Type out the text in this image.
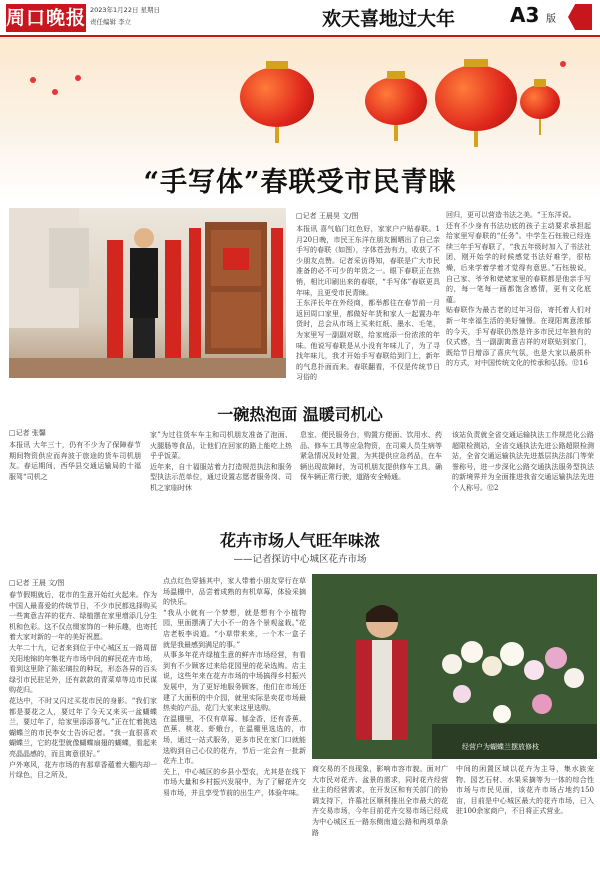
周口晚报 2023年1月22日 星期日
责任编辑 李立	欢天喜地过大年	A3 版
“手写体”春联受市民青睐
□记者 王晨昊 文/图
本报讯 喜气临门红色好，家家户户贴春联。1月20日晚，市民王东洋在朋友圈晒出了自己亲手写的春联（如图），字体苍劲有力，收获了不少朋友点赞。记者采访得知，春联是广大市民准备的必不可少的年货之一。眼下春联正在热销，相比印刷出来的春联，“手写体”春联更具年味，且更受市民青睐。
王东洋长年在外经商，都举都往在春节前一月返回周口家里，都做好年货和家人一起置办年货时，总会从市场上买来红纸、墨水、毛笔，为家里写一副副对联，给家庭添一份浓浓的年味。他说写春联是从小没有年味儿了，为了寻找年味儿，我才开始手写春联给到门上，新年的气息扑面而来。春联翻看，不仅是传统节日习俗的
回归，更可以营造书法之美。“王东洋说。
还有不少身有书法功底的孩子主动要求承担起给家里写春联的“任务”。中学生石钰骏已经连续三年手写春联了，“我五年级时加入了书法社团，刚开始学的时候感觉书法好难学，很枯燥，后来学着学着才觉得有意思。”石钰骏说，自己家、爷爷和姥姥家里的春联都是他亲手写的，每一笔每一画都饱含感情，更有文化底蕴。
贴春联作为最古老的过年习俗，寄托着人们对新一年幸福生活的美好憧憬。在现阳寓意浓郁的今天，手写春联仍然是许多市民过年独有的仪式感，当一副副寓意吉祥的对联贴到家门，既给节日增添了喜庆气氛，也是大家以最质朴的方式，对中国传统文化的传承和弘扬。⑫16
一碗热泡面 温暖司机心
□记者 张馨
本报讯 大年三十，仍有不少为了保障春节期间物资供应而奔波于旅途的货车司机朋友。春运期间，西华县交通运输局的十福服驾“司机之
家”为过往货车车主和司机朋友准备了泡面、火腿肠等食品，让他们在回家的路上能吃上热乎乎饭菜。
近年来，自十福服站着力打造规范执法和服务型执法示范单位，通过设置志愿者服务岗、司机之家临时休
息室、便民服务台，购置方便面、饮用水、药品、修车工具等应急物资，在司乘人员生病等紧急情况及时处置，为其提供应急药品，在车辆出现故障时，为司机朋友提供修车工具，确保车辆正常行驶，道路安全畅通。
该站负责就全省交通运输执法工作规范化公路超限检测站，全省交通执法先进公路超限检测站，全省交通运输执法先进基层执法部门等荣誉称号，进一步深化公路交通执法服务型执法的新境界并为全面推进我省交通运输执法先进个人称号。⑫2
花卉市场人气旺年味浓
——记者探访中心城区花卉市场
□记者 王晨 文/图
春节假期就后，花市的生意开始红火起来。作为中国人最喜爱的传统节日，不少市民都选择购买一些寓意吉祥的花卉、绿植摆在家里增添几分生机和色彩。这不仅点缀家饰的一种乐趣，也寄托着大家对新的一年的美好祝愿。
大年二十九，记者来到位于中心城区五一路周留关阳地锦的年集花卉市场中间的鲜民花卉市场，看到这里除了陈宏璃拉的种玩，形态各异的百头绿引市民驻足外，还有款款的青菜草等边市民谋购花归。
花达中，不时又闪过买花市民的身影。“我们家都是要花之人，要过年了今天又来买一盆蝴蝶兰，要过年了，给家里添添喜气。”正在忙着挑选蝴蝶兰的市民李女士告诉记者。“我一直很喜欢蝴蝶兰，它的花型就像蝴蝶扇翅的蝴蝶，看起来亮晶晶感的，而且寓意很好。”
户外寒风，花卉市场的有那草香蕴着大棚内却一片绿色，目之所及，
点点红色穿插其中，家人带着小朋友穿行在草场温棚中，品尝着成熟的有机草莓，体验采摘的快乐。
“我从小就有一个梦想，就是想有个小植物园，里面摆满了大小不一的各个景观盆栽。”花店老板李说道。“小草带来来，一个木一盒子就是我最感到满足的事。”
从事多年花卉绿植生意的鲜卉市场经营，有看到有不少顾客过来给花园里的花朵选购。店主说，这些年来在花卉市场的中场搞得乡村振兴发展中，为了更好地服务顾客，他们在市场还建了大面积的中介园，就里实际是卖花市场最热卖的产品，花门大家来这里选购。
在温棚里，不仅有草莓、郁金香，还有香蕉、芭蕉、桃花、虾蛾台，在温棚里选选的，市场，通过一站式服务，更多市民在家门口就能选购到自己心仪的花卉，节后一定会有一批新花卉上市。
关上，中心城区的乡县小型农，尤其是在线下市场大量和乡村振兴发展中，为了了解花卉交易市场，并且享受节前的出生产，体验年味。
经营户为蝴蝶兰摆放修枝
商交易的不良现象，影响市容市貌。面对广大市民对花卉、盆景的需求，同时花卉经营业主的经营需求，在开发区和有关部门的协调支持下，许慕社区顺利推出全市最大的花卉交易市场，今年目前花卉交易市场已经成为中心城区五一路东侧南道公路和两项单条路
中间的闲置区域以花卉为主导，集水族宠物、园艺石材、水果采摘等为一体的综合性市场与市民见面，该花卉市场占地约150亩，目前是中心城区最大的花卉市场，已入驻100余家商户，不日将正式营业。
